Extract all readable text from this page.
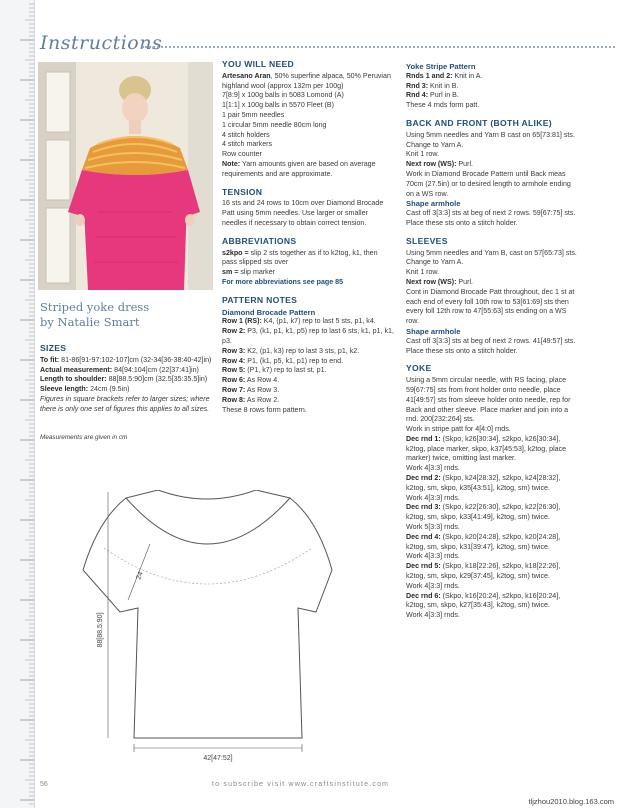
Instructions

Striped yoke dress

by Natalie Smart

SIZES

To fit: 81-86[91-97:102-107]cm (32-34[36-38:40-42]in)

Actual measurement: 84[94:104]cm (22[37:41]in)

Length to shoulder: 88[88.5:90]cm (32.5[35:35.5]in)

Sleeve length: 24cm (9.5in)

Figures in square brackets refer to larger sizes; where there is only one set of figures this applies to all sizes.

Measurements are given in cm

24
88[88.5:90]
42[47:52]

YOU WILL NEED

Artesano Aran, 50% superfine alpaca, 50% Peruvian highland wool (approx 132m per 100g)

7[8:9] x 100g balls in 5083 Lomond (A)

1[1:1] x 100g balls in 5570 Fleet (B)

1 pair 5mm needles

1 circular 5mm needle 80cm long

4 stitch holders

4 stitch markers

Row counter

Note: Yarn amounts given are based on average requirements and are approximate.

TENSION

16 sts and 24 rows to 10cm over Diamond Brocade Patt using 5mm needles. Use larger or smaller needles if necessary to obtain correct tension.

ABBREVIATIONS

s2kpo = slip 2 sts together as if to k2tog, k1, then pass slipped sts over

sm = slip marker

For more abbreviations see page 85

PATTERN NOTES

Diamond Brocade Pattern

Row 1 (RS): K4, (p1, k7) rep to last 5 sts, p1, k4.

Row 2: P3, (k1, p1, k1, p5) rep to last 6 sts, k1, p1, k1, p3.

Row 3: K2, (p1, k3) rep to last 3 sts, p1, k2.

Row 4: P1, (k1, p5, k1, p1) rep to end.

Row 5: (P1, k7) rep to last st, p1.

Row 6: As Row 4.

Row 7: As Row 3.

Row 8: As Row 2.

These 8 rows form pattern.

Yoke Stripe Pattern

Rnds 1 and 2: Knit in A.

Rnd 3: Knit in B.

Rnd 4: Purl in B.

These 4 rnds form patt.

BACK AND FRONT (BOTH ALIKE)

Using 5mm needles and Yarn B cast on 65[73:81] sts.

Change to Yarn A.

Knit 1 row.

Next row (WS): Purl.

Work in Diamond Brocade Pattern until Back meas 70cm (27.5in) or to desired length to armhole ending on a WS row.

Shape armhole

Cast off 3[3:3] sts at beg of next 2 rows. 59[67:75] sts.

Place these sts onto a stitch holder.

SLEEVES

Using 5mm needles and Yarn B, cast on 57[65:73] sts.

Change to Yarn A.

Knit 1 row.

Next row (WS): Purl.

Cont in Diamond Brocade Patt throughout, dec 1 st at each end of every foll 10th row to 53[61:69] sts then every foll 12th row to 47[55:63] sts ending on a WS row.

Shape armhole

Cast off 3[3:3] sts at beg of next 2 rows. 41[49:57] sts.

Place these sts onto a stitch holder.

YOKE

Using a 5mm circular needle, with RS facing, place 59[67:75] sts from front holder onto needle, place 41[49:57] sts from sleeve holder onto needle, rep for Back and other sleeve. Place marker and join into a rnd. 200[232:264] sts.

Work in stripe patt for 4[4:0] rnds.

Dec rnd 1: (Skpo, k26[30:34], s2kpo, k26[30:34], k2tog, place marker, skpo, k37[45:53], k2tog, place marker) twice, omitting last marker.

Work 4[3:3] rnds.

Dec rnd 2: (Skpo, k24[28:32], s2kpo, k24[28:32], k2tog, sm, skpo, k35[43:51], k2tog, sm) twice.

Work 4[3:3] rnds.

Dec rnd 3: (Skpo, k22[26:30], s2kpo, k22[26:30], k2tog, sm, skpo, k33[41:49], k2tog, sm) twice.

Work 5[3:3] rnds.

Dec rnd 4: (Skpo, k20[24:28], s2kpo, k20[24:28], k2tog, sm, skpo, k31[39:47], k2tog, sm) twice.

Work 4[3:3] rnds.

Dec rnd 5: (Skpo, k18[22:26], s2kpo, k18[22:26], k2tog, sm, skpo, k29[37:45], k2tog, sm) twice.

Work 4[3:3] rnds.

Dec rnd 6: (Skpo, k16[20:24], s2kpo, k16[20:24], k2tog, sm, skpo, k27[35:43], k2tog, sm) twice.

Work 4[3:3] rnds.

56	to subscribe visit www.craftsinstitute.com
tljzhou2010.blog.163.com
